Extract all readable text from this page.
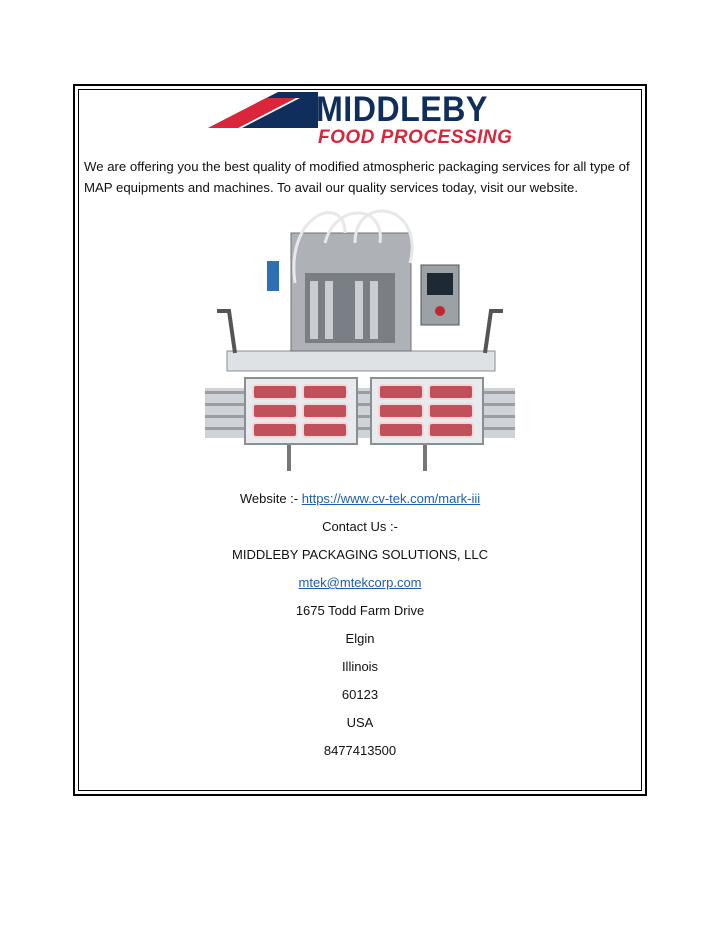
MIDDLEBY
FOOD PROCESSING
We are offering you the best quality of modified atmospheric packaging services for all type of MAP equipments and machines. To avail our quality services today, visit our website.
Website :- https://www.cv-tek.com/mark-iii
Contact Us :-
MIDDLEBY PACKAGING SOLUTIONS, LLC
mtek@mtekcorp.com
1675 Todd Farm Drive
Elgin
Illinois
60123
USA
8477413500
